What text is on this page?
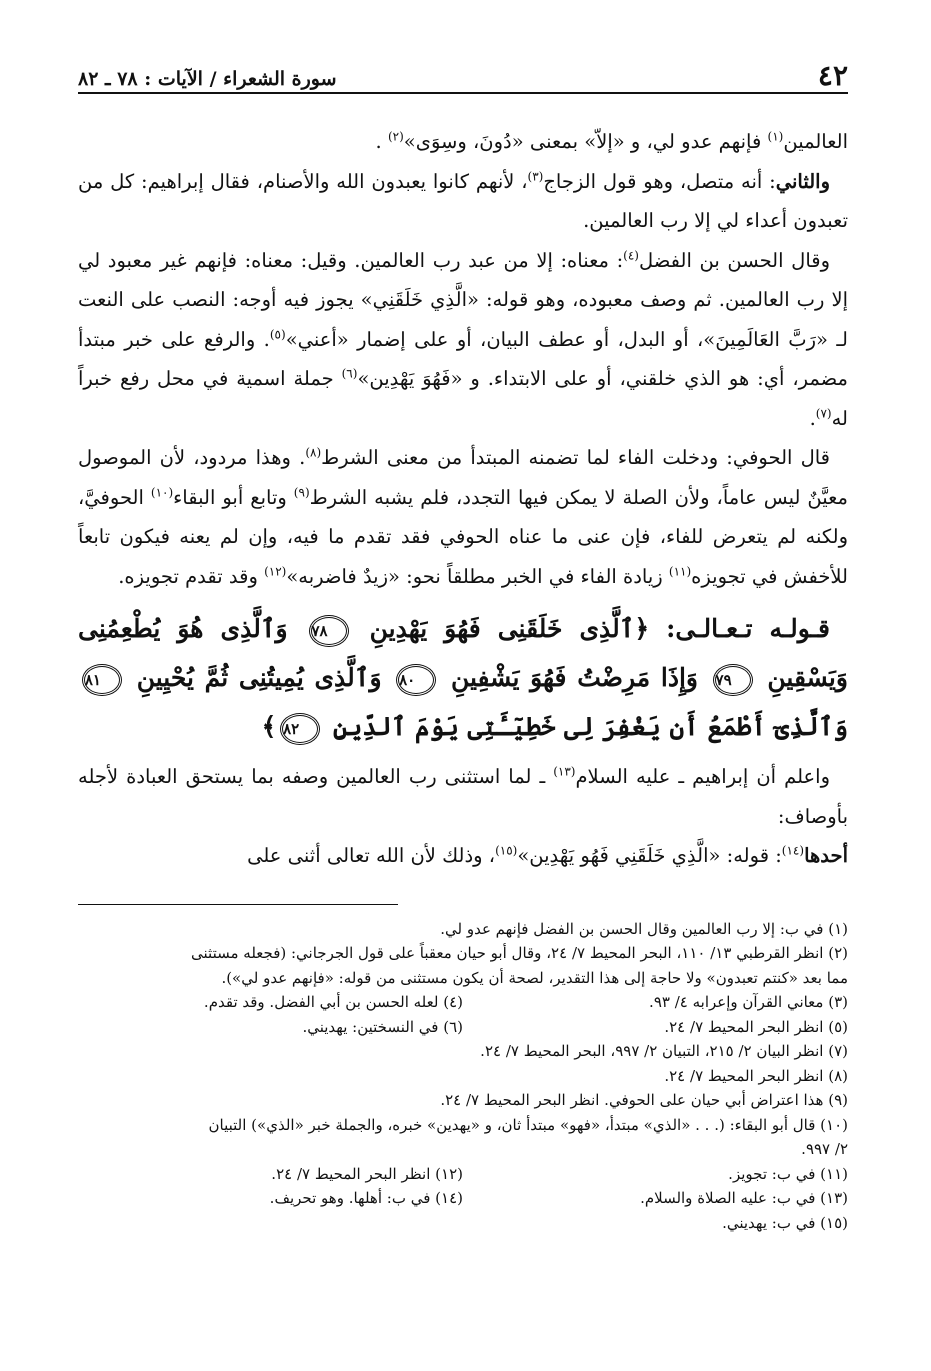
٤٢
سورة الشعراء / الآيات : ٧٨ ـ ٨٢

العالمين$^{(١)}$ فإنهم عدو لي، و «إلاّ» بمعنى «دُونَ، وسِوَى»$^{(٢)}$ .

والثاني: أنه متصل، وهو قول الزجاج$^{(٣)}$، لأنهم كانوا يعبدون الله والأصنام، فقال إبراهيم: كل من تعبدون أعداء لي إلا رب العالمين.

وقال الحسن بن الفضل$^{(٤)}$: معناه: إلا من عبد رب العالمين. وقيل: معناه: فإنهم غير معبود لي إلا رب العالمين. ثم وصف معبوده، وهو قوله: «الَّذِي خَلَقَنِي» يجوز فيه أوجه: النصب على النعت لـ «رَبَّ العَالَمِينَ»، أو البدل، أو عطف البيان، أو على إضمار «أعني»$^{(٥)}$. والرفع على خبر مبتدأ مضمر، أي: هو الذي خلقني، أو على الابتداء. و «فَهُوَ يَهْدِين»$^{(٦)}$ جملة اسمية في محل رفع خبراً له$^{(٧)}$.

قال الحوفي: ودخلت الفاء لما تضمنه المبتدأ من معنى الشرط$^{(٨)}$. وهذا مردود، لأن الموصول معيَّنٌ ليس عاماً، ولأن الصلة لا يمكن فيها التجدد، فلم يشبه الشرط$^{(٩)}$ وتابع أبو البقاء$^{(١٠)}$ الحوفيَّ، ولكنه لم يتعرض للفاء، فإن عنى ما عناه الحوفي فقد تقدم ما فيه، وإن لم يعنه فيكون تابعاً للأخفش في تجويزه$^{(١١)}$ زيادة الفاء في الخبر مطلقاً نحو: «زيدٌ فاضربه»$^{(١٢)}$ وقد تقدم تجويزه.

قـولـه تـعـالـى: ﴿ٱلَّذِى خَلَقَنِى فَهُوَ يَهْدِينِ ٧٨ وَٱلَّذِى هُوَ يُطْعِمُنِى وَيَسْقِينِ ٧٩ وَإِذَا مَرِضْتُ فَهُوَ يَشْفِينِ ٨٠ وَٱلَّذِى يُمِيتُنِى ثُمَّ يُحْيِينِ ٨١ وَٱلَّذِىٓ أَطْمَعُ أَن يَغْفِرَ لِى خَطِيٓـَٔتِى يَوْمَ ٱلدِّينِ ٨٢﴾

واعلم أن إبراهيم ـ عليه السلام$^{(١٣)}$ ـ لما استثنى رب العالمين وصفه بما يستحق العبادة لأجله بأوصاف:

أحدها$^{(١٤)}$: قوله: «الَّذِي خَلَقَنِي فَهُو يَهْدِين»$^{(١٥)}$، وذلك لأن الله تعالى أثنى على

(١) في ب: إلا رب العالمين وقال الحسن بن الفضل فإنهم عدو لي.
(٢) انظر القرطبي ١٣/ ١١٠، البحر المحيط ٧/ ٢٤، وقال أبو حيان معقباً على قول الجرجاني: (فجعله مستثنى
مما بعد «كنتم تعبدون» ولا حاجة إلى هذا التقدير، لصحة أن يكون مستثنى من قوله: «فإنهم عدو لي»).
(٣) معاني القرآن وإعرابه ٤/ ٩٣.
(٤) لعله الحسن بن أبي الفضل. وقد تقدم.
(٥) انظر البحر المحيط ٧/ ٢٤.
(٦) في النسختين: يهديني.
(٧) انظر البيان ٢/ ٢١٥، التبيان ٢/ ٩٩٧، البحر المحيط ٧/ ٢٤.
(٨) انظر البحر المحيط ٧/ ٢٤.
(٩) هذا اعتراض أبي حيان على الحوفي. انظر البحر المحيط ٧/ ٢٤.
(١٠) قال أبو البقاء: (. . . «الذي» مبتدأ، «فهو» مبتدأ ثان، و «يهدين» خبره، والجملة خبر «الذي») التبيان
٢/ ٩٩٧.
(١١) في ب: تجويز.
(١٢) انظر البحر المحيط ٧/ ٢٤.
(١٣) في ب: عليه الصلاة والسلام.
(١٤) في ب: أهلها. وهو تحريف.
(١٥) في ب: يهديني.
